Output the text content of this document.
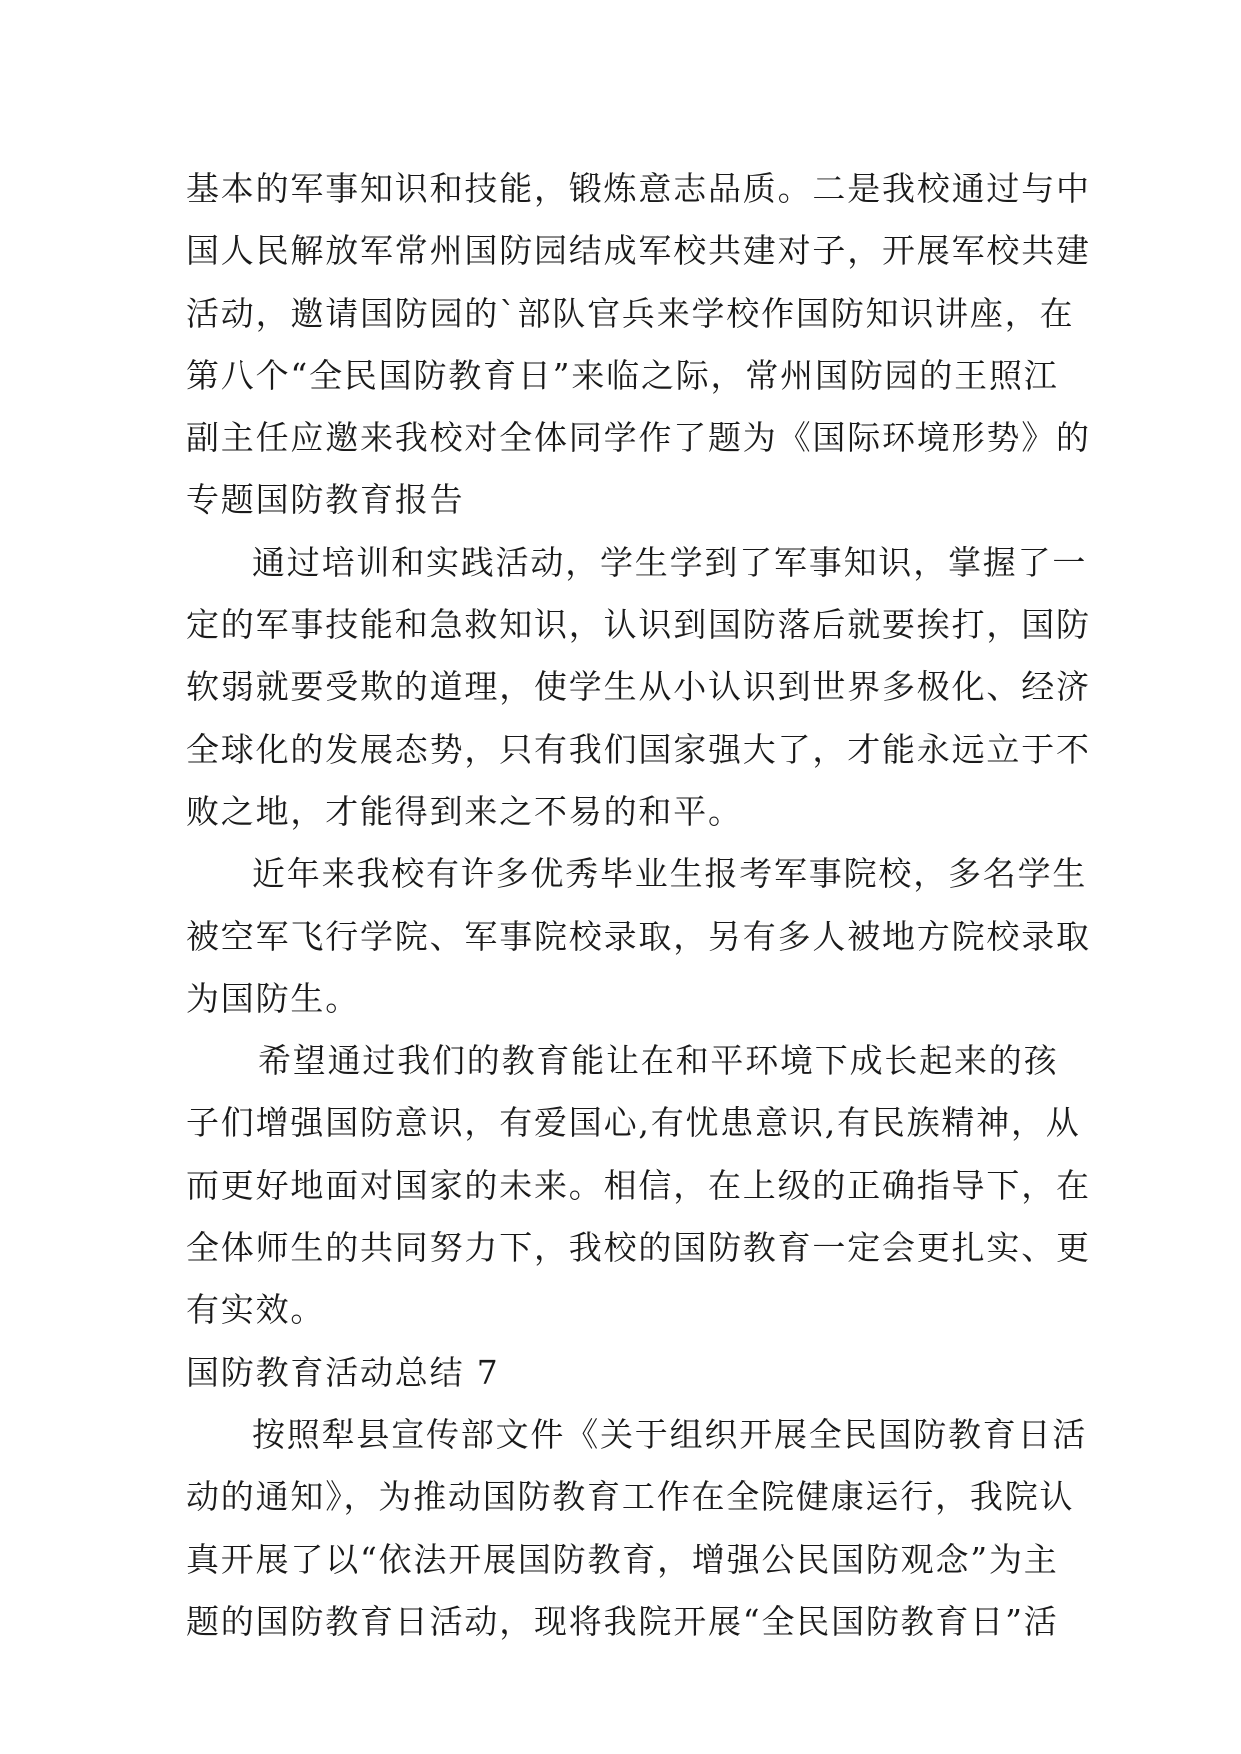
基本的军事知识和技能，锻炼意志品质。二是我校通过与中
国人民解放军常州国防园结成军校共建对子，开展军校共建
活动，邀请国防园的`部队官兵来学校作国防知识讲座，在
第八个“全民国防教育日”来临之际，常州国防园的王照江
副主任应邀来我校对全体同学作了题为《国际环境形势》的
专题国防教育报告
通过培训和实践活动，学生学到了军事知识，掌握了一
定的军事技能和急救知识，认识到国防落后就要挨打，国防
软弱就要受欺的道理，使学生从小认识到世界多极化、经济
全球化的发展态势，只有我们国家强大了，才能永远立于不
败之地，才能得到来之不易的和平。
近年来我校有许多优秀毕业生报考军事院校，多名学生
被空军飞行学院、军事院校录取，另有多人被地方院校录取
为国防生。
希望通过我们的教育能让在和平环境下成长起来的孩
子们增强国防意识，有爱国心,有忧患意识,有民族精神，从
而更好地面对国家的未来。相信，在上级的正确指导下，在
全体师生的共同努力下，我校的国防教育一定会更扎实、更
有实效。
国防教育活动总结 7
按照犁县宣传部文件《关于组织开展全民国防教育日活
动的通知》，为推动国防教育工作在全院健康运行，我院认
真开展了以“依法开展国防教育，增强公民国防观念”为主
题的国防教育日活动，现将我院开展“全民国防教育日”活
